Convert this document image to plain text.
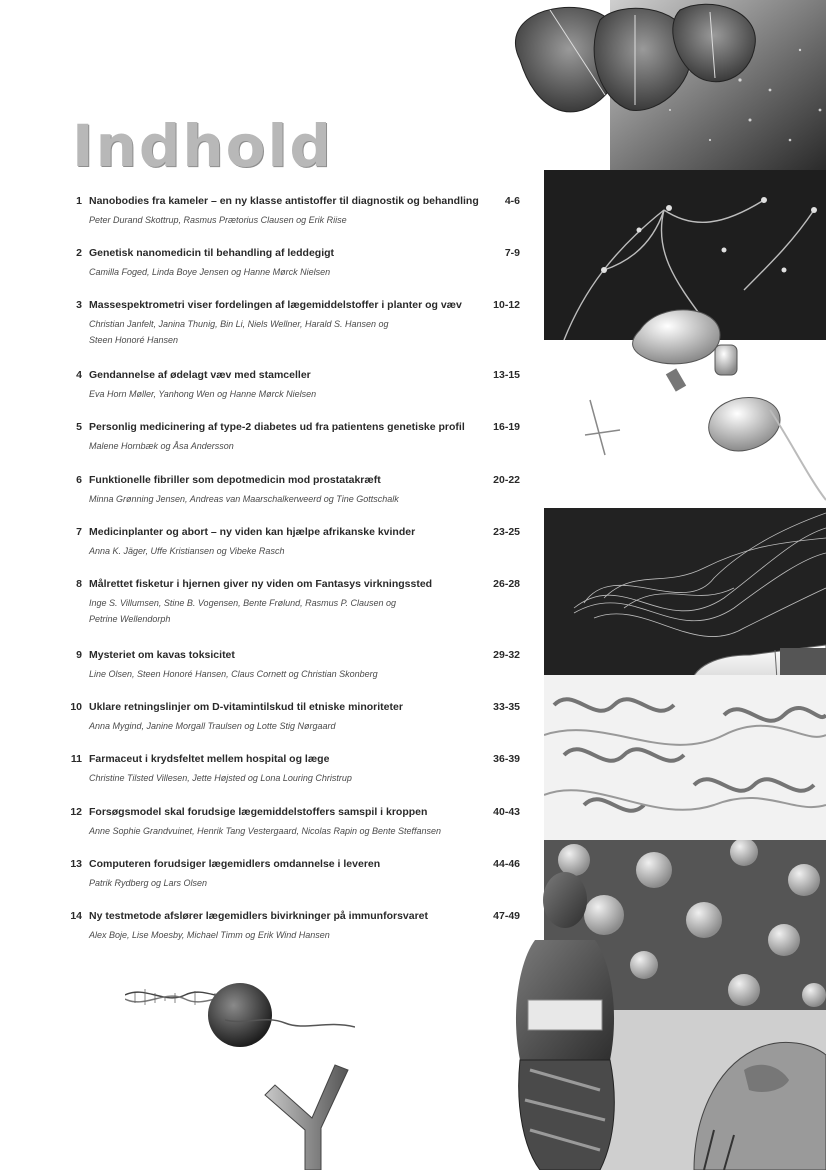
Indhold
1 Nanobodies fra kameler – en ny klasse antistoffer til diagnostik og behandling	4-6
Peter Durand Skottrup, Rasmus Prætorius Clausen og Erik Riise
2 Genetisk nanomedicin til behandling af leddegigt	7-9
Camilla Foged, Linda Boye Jensen og Hanne Mørck Nielsen
3 Massespektrometri viser fordelingen af lægemiddelstoffer i planter og væv	10-12
Christian Janfelt, Janina Thunig, Bin Li, Niels Wellner, Harald S. Hansen og Steen Honoré Hansen
4 Gendannelse af ødelagt væv med stamceller	13-15
Eva Horn Møller, Yanhong Wen og Hanne Mørck Nielsen
5 Personlig medicinering af type-2 diabetes ud fra patientens genetiske profil	16-19
Malene Hornbæk og Åsa Andersson
6 Funktionelle fibriller som depotmedicin mod prostatakræft	20-22
Minna Grønning Jensen, Andreas van Maarschalkerweerd og Tine Gottschalk
7 Medicinplanter og abort – ny viden kan hjælpe afrikanske kvinder	23-25
Anna K. Jäger, Uffe Kristiansen og Vibeke Rasch
8 Målrettet fisketur i hjernen giver ny viden om Fantasys virkningssted	26-28
Inge S. Villumsen, Stine B. Vogensen, Bente Frølund, Rasmus P. Clausen og Petrine Wellendorph
9 Mysteriet om kavas toksicitet	29-32
Line Olsen, Steen Honoré Hansen, Claus Cornett og Christian Skonberg
10 Uklare retningslinjer om D-vitamintilskud til etniske minoriteter	33-35
Anna Mygind, Janine Morgall Traulsen og Lotte Stig Nørgaard
11 Farmaceut i krydsfeltet mellem hospital og læge	36-39
Christine Tilsted Villesen, Jette Højsted og Lona Louring Christrup
12 Forsøgsmodel skal forudsige lægemiddelstoffers samspil i kroppen	40-43
Anne Sophie Grandvuinet, Henrik Tang Vestergaard, Nicolas Rapin og Bente Steffansen
13 Computeren forudsiger lægemidlers omdannelse i leveren	44-46
Patrik Rydberg og Lars Olsen
14 Ny testmetode afslører lægemidlers bivirkninger på immunforsvaret	47-49
Alex Boje, Lise Moesby, Michael Timm og Erik Wind Hansen
